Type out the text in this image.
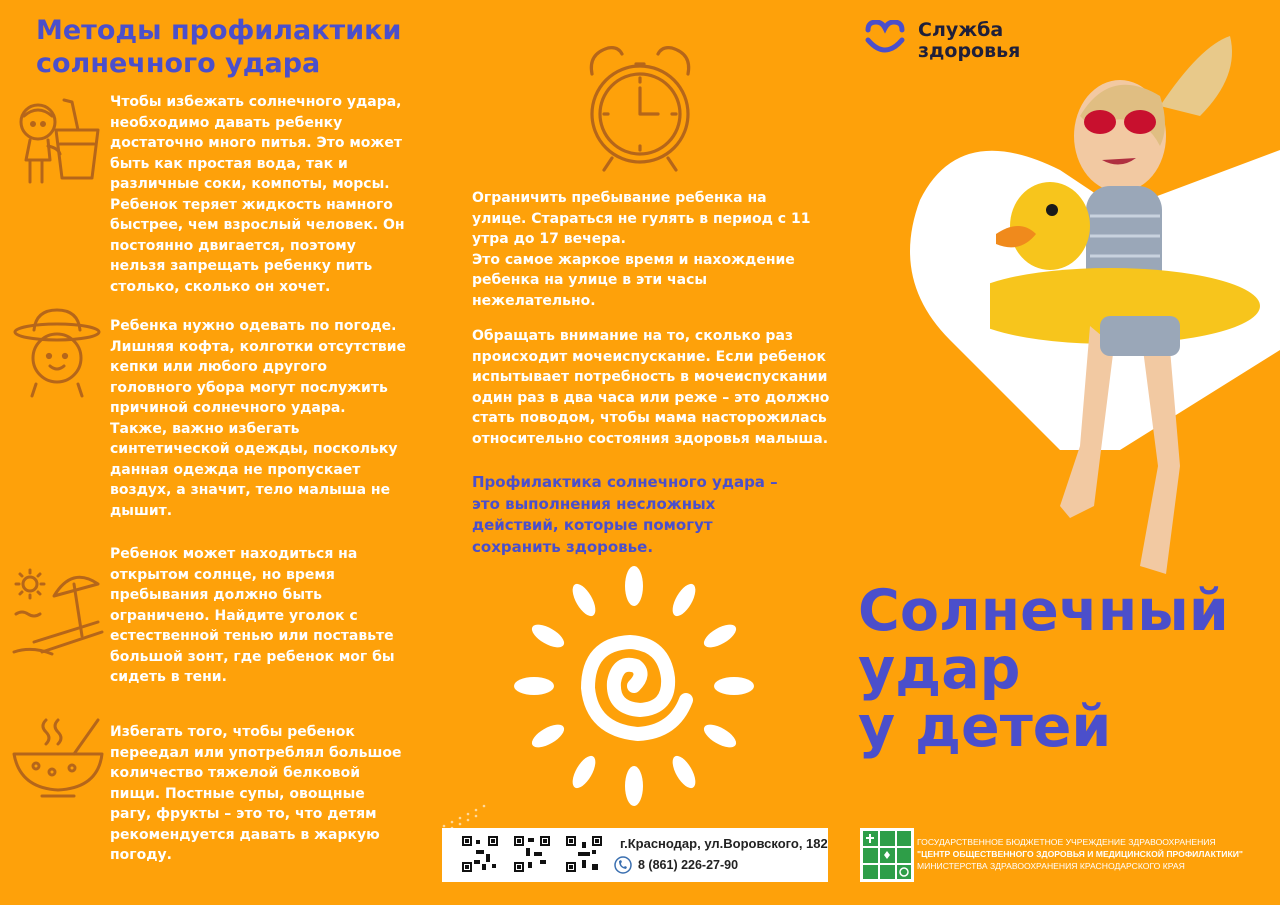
Методы профилактики
солнечного удара
Чтобы избежать солнечного удара,
необходимо давать ребенку
достаточно много питья. Это может
быть как простая вода, так и
различные соки, компоты, морсы.
Ребенок теряет жидкость намного
быстрее, чем взрослый человек. Он
постоянно двигается, поэтому
нельзя запрещать ребенку пить
столько, сколько он хочет.
Ребенка нужно одевать по погоде.
Лишняя кофта, колготки отсутствие
кепки или любого другого
головного убора могут послужить
причиной солнечного удара.
Также, важно избегать
синтетической одежды, поскольку
данная одежда не пропускает
воздух, а значит, тело малыша не
дышит.
Ребенок может находиться на
открытом солнце, но время
пребывания должно быть
ограничено. Найдите уголок с
естественной тенью или поставьте
большой зонт, где ребенок мог бы
сидеть в тени.
Избегать того, чтобы ребенок
переедал или употреблял большое
количество тяжелой белковой
пищи. Постные супы, овощные
рагу, фрукты – это то, что детям
рекомендуется давать в жаркую
погоду.
Ограничить пребывание ребенка на
улице. Стараться не гулять в период с 11
утра до 17 вечера.
Это самое жаркое время и нахождение
ребенка на улице в эти часы
нежелательно.
Обращать внимание на то, сколько раз
происходит мочеиспускание. Если ребенок
испытывает потребность в мочеиспускании
один раз в два часа или реже – это должно
стать поводом, чтобы мама насторожилась
относительно состояния здоровья малыша.
Профилактика солнечного удара –
это выполнения несложных
действий, которые помогут
сохранить здоровье.
Служба
здоровья
Солнечный
удар
у детей
г.Краснодар, ул.Воровского, 182
8 (861) 226-27-90
ГОСУДАРСТВЕННОЕ БЮДЖЕТНОЕ УЧРЕЖДЕНИЕ ЗДРАВООХРАНЕНИЯ
"ЦЕНТР ОБЩЕСТВЕННОГО ЗДОРОВЬЯ И МЕДИЦИНСКОЙ ПРОФИЛАКТИКИ"
МИНИСТЕРСТВА ЗДРАВООХРАНЕНИЯ КРАСНОДАРСКОГО КРАЯ
